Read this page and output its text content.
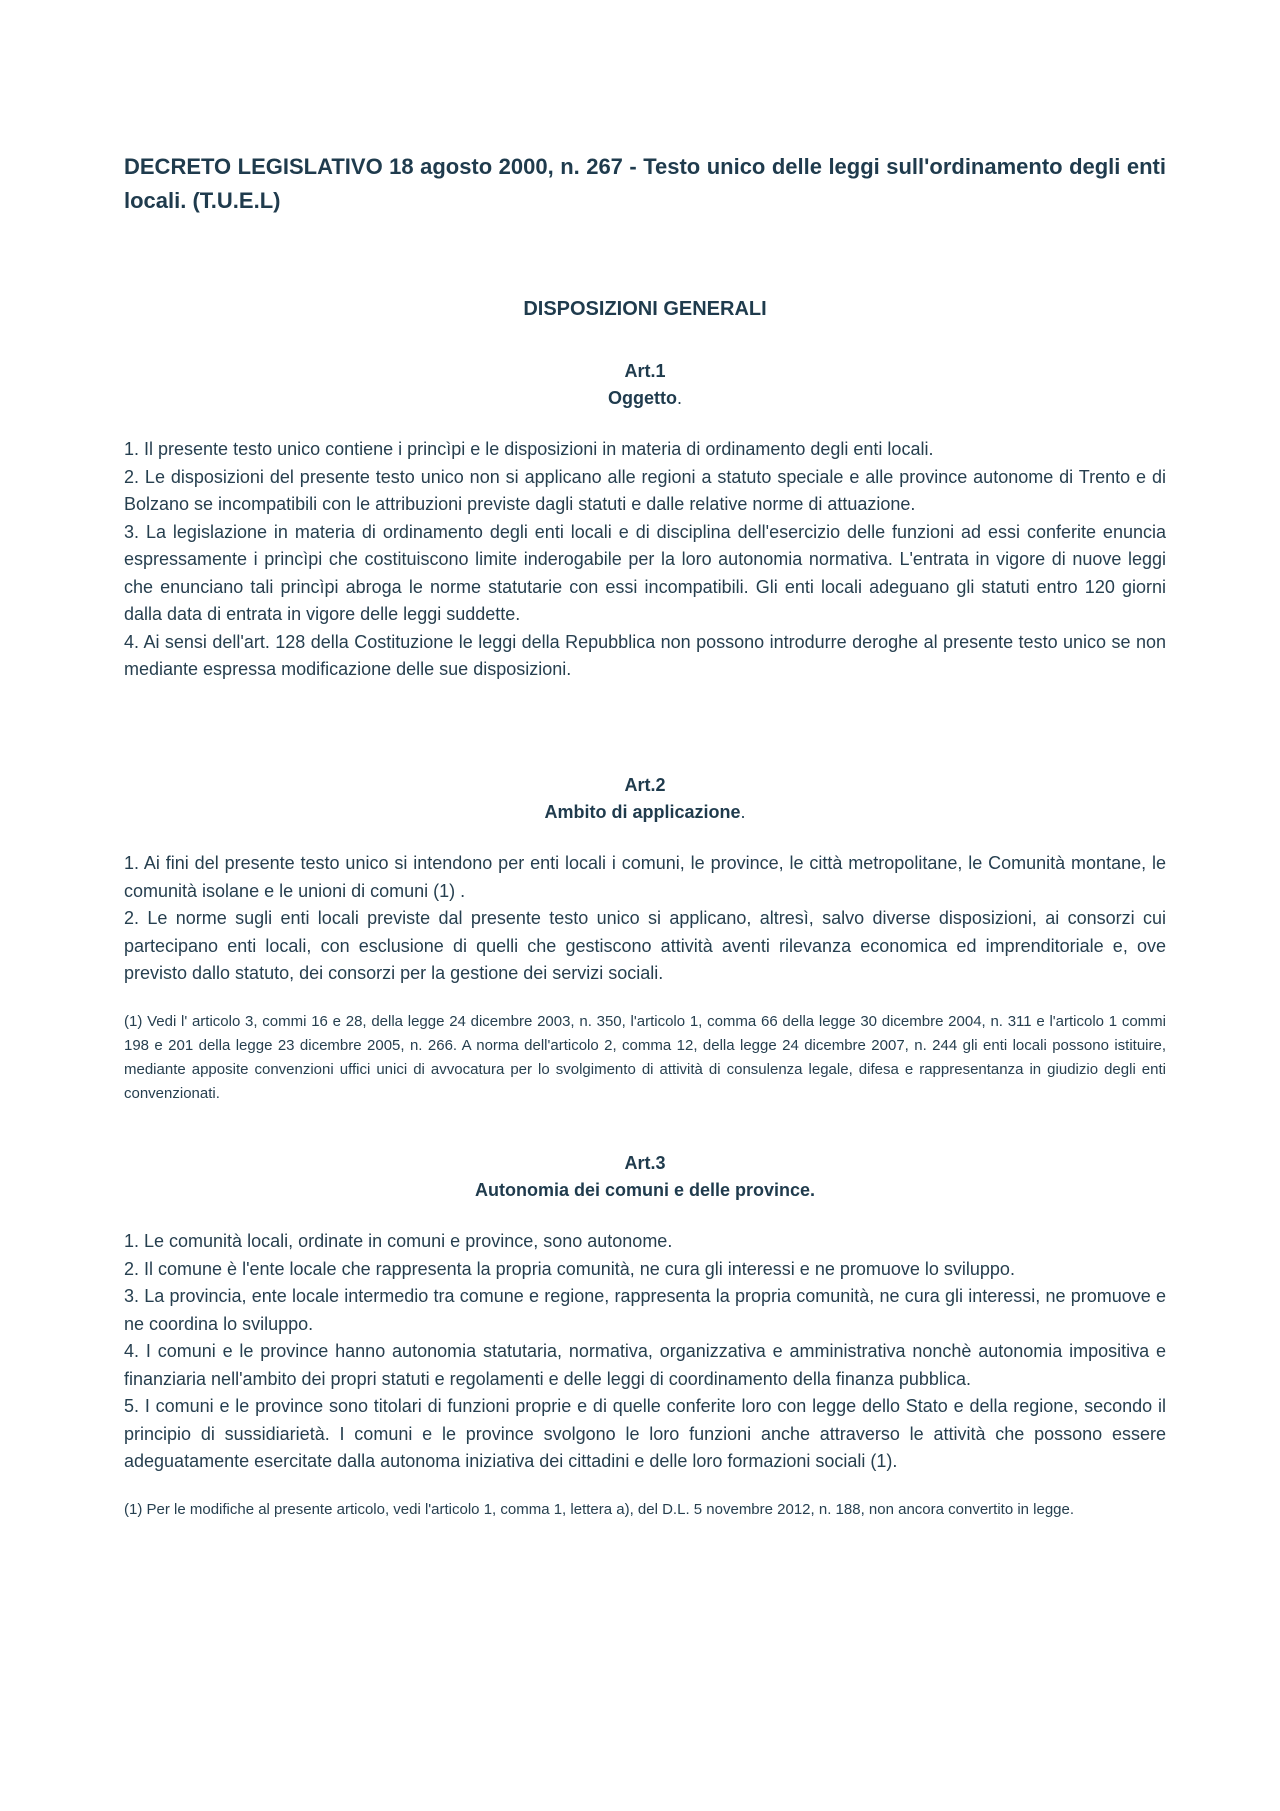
DECRETO LEGISLATIVO 18 agosto 2000, n. 267 - Testo unico delle leggi sull'ordinamento degli enti locali. (T.U.E.L)

DISPOSIZIONI GENERALI

Art.1

Oggetto.

1. Il presente testo unico contiene i princìpi e le disposizioni in materia di ordinamento degli enti locali.

2. Le disposizioni del presente testo unico non si applicano alle regioni a statuto speciale e alle province autonome di Trento e di Bolzano se incompatibili con le attribuzioni previste dagli statuti e dalle relative norme di attuazione.

3. La legislazione in materia di ordinamento degli enti locali e di disciplina dell'esercizio delle funzioni ad essi conferite enuncia espressamente i princìpi che costituiscono limite inderogabile per la loro autonomia normativa. L'entrata in vigore di nuove leggi che enunciano tali princìpi abroga le norme statutarie con essi incompatibili. Gli enti locali adeguano gli statuti entro 120 giorni dalla data di entrata in vigore delle leggi suddette.

4. Ai sensi dell'art. 128 della Costituzione le leggi della Repubblica non possono introdurre deroghe al presente testo unico se non mediante espressa modificazione delle sue disposizioni.

Art.2

Ambito di applicazione.

1. Ai fini del presente testo unico si intendono per enti locali i comuni, le province, le città metropolitane, le Comunità montane, le comunità isolane e le unioni di comuni (1) .

2. Le norme sugli enti locali previste dal presente testo unico si applicano, altresì, salvo diverse disposizioni, ai consorzi cui partecipano enti locali, con esclusione di quelli che gestiscono attività aventi rilevanza economica ed imprenditoriale e, ove previsto dallo statuto, dei consorzi per la gestione dei servizi sociali.

(1) Vedi l' articolo 3, commi 16 e 28, della legge 24 dicembre 2003, n. 350, l'articolo 1, comma 66 della legge 30 dicembre 2004, n. 311 e l'articolo 1 commi 198 e 201 della legge 23 dicembre 2005, n. 266. A norma dell'articolo 2, comma 12, della legge 24 dicembre 2007, n. 244 gli enti locali possono istituire, mediante apposite convenzioni uffici unici di avvocatura per lo svolgimento di attività di consulenza legale, difesa e rappresentanza in giudizio degli enti convenzionati.

Art.3

Autonomia dei comuni e delle province.

1. Le comunità locali, ordinate in comuni e province, sono autonome.

2. Il comune è l'ente locale che rappresenta la propria comunità, ne cura gli interessi e ne promuove lo sviluppo.

3. La provincia, ente locale intermedio tra comune e regione, rappresenta la propria comunità, ne cura gli interessi, ne promuove e ne coordina lo sviluppo.

4. I comuni e le province hanno autonomia statutaria, normativa, organizzativa e amministrativa nonchè autonomia impositiva e finanziaria nell'ambito dei propri statuti e regolamenti e delle leggi di coordinamento della finanza pubblica.

5. I comuni e le province sono titolari di funzioni proprie e di quelle conferite loro con legge dello Stato e della regione, secondo il principio di sussidiarietà. I comuni e le province svolgono le loro funzioni anche attraverso le attività che possono essere adeguatamente esercitate dalla autonoma iniziativa dei cittadini e delle loro formazioni sociali (1).

(1) Per le modifiche al presente articolo, vedi l'articolo 1, comma 1, lettera a), del D.L. 5 novembre 2012, n. 188, non ancora convertito in legge.
